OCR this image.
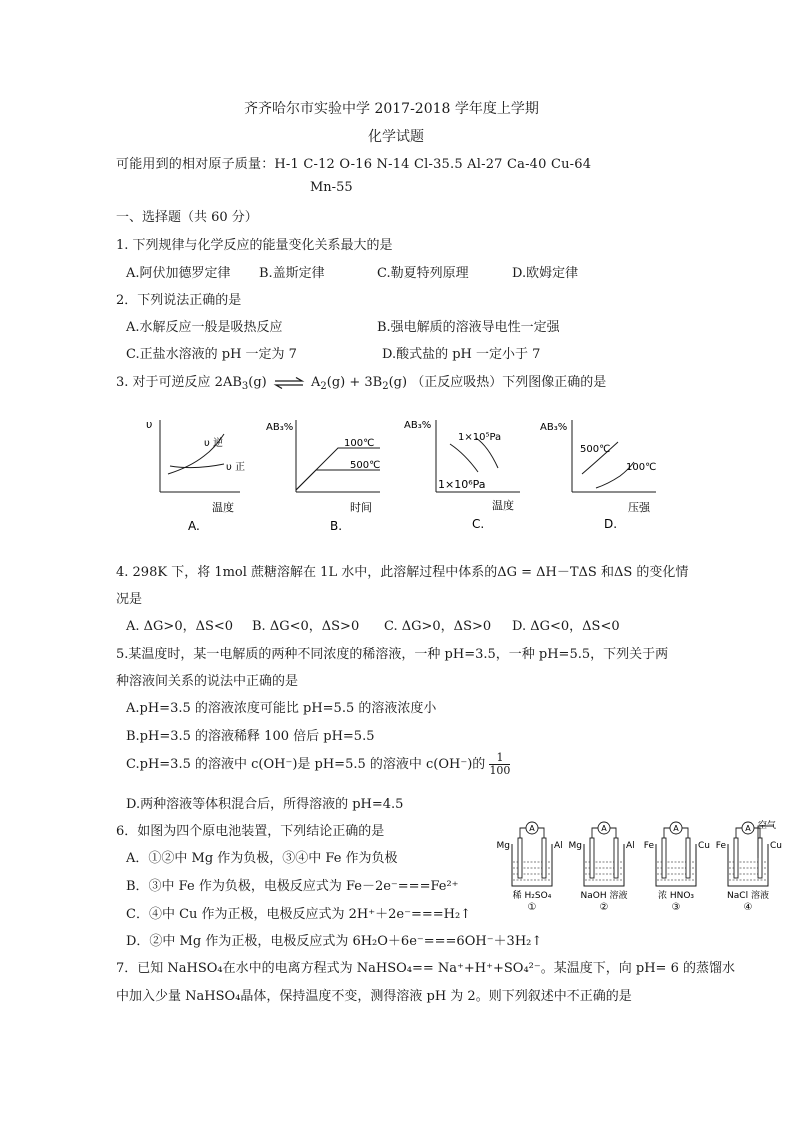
齐齐哈尔市实验中学 2017-2018 学年度上学期
化学试题
可能用到的相对原子质量：H-1 C-12 O-16 N-14 Cl-35.5 Al-27 Ca-40 Cu-64
Mn-55
一、选择题（共 60 分）
1. 下列规律与化学反应的能量变化关系最大的是
A.阿伏加德罗定律 B.盖斯定律	C.勒夏特列原理	D.欧姆定律
2．下列说法正确的是
A.水解反应一般是吸热反应	B.强电解质的溶液导电性一定强
C.正盐水溶液的 pH 一定为 7	D.酸式盐的 pH 一定小于 7
3. 对于可逆反应 $2AB_3(g)$ ⇌ $A_2(g) + 3B_2(g)$ （正反应吸热）下列图像正确的是
υ
温度
υ 逆
υ 正
A.
AB₃%
时间
100℃
500℃
B.
AB₃%
温度
1×10⁵Pa
1×10⁶Pa
C.
AB₃%
压强
500℃
100℃
D.
4. 298K 下，将 1mol 蔗糖溶解在 1L 水中，此溶解过程中体系的ΔG = ΔH－TΔS 和ΔS 的变化情
况是
A. ΔG>0，ΔS<0 B. ΔG<0，ΔS>0 C. ΔG>0，ΔS>0 D. ΔG<0，ΔS<0
5.某温度时，某一电解质的两种不同浓度的稀溶液，一种 pH=3.5，一种 pH=5.5，下列关于两
种溶液间关系的说法中正确的是
A.pH=3.5 的溶液浓度可能比 pH=5.5 的溶液浓度小
B.pH=3.5 的溶液稀释 100 倍后 pH=5.5
C.pH=3.5 的溶液中 c(OH⁻)是 pH=5.5 的溶液中 c(OH⁻)的 $\frac{1}{100}$
D.两种溶液等体积混合后，所得溶液的 pH=4.5
6．如图为四个原电池装置，下列结论正确的是
A．①②中 Mg 作为负极，③④中 Fe 作为负极
B．③中 Fe 作为负极，电极反应式为 Fe－2e⁻===Fe²⁺
C．④中 Cu 作为正极，电极反应式为 2H⁺＋2e⁻===H₂↑
D．②中 Mg 作为正极，电极反应式为 6H₂O＋6e⁻===6OH⁻＋3H₂↑
A
Mg	Al
稀 H₂SO₄
①
A
Mg	Al
NaOH 溶液
②
A
Fe	Cu
浓 HNO₃
③
A
Fe	Cu
NaCl 溶液
④
空气
7．已知 NaHSO₄在水中的电离方程式为 NaHSO₄== Na⁺+H⁺+SO₄²⁻。某温度下，向 pH= 6 的蒸馏水
中加入少量 NaHSO₄晶体，保持温度不变，测得溶液 pH 为 2。则下列叙述中不正确的是
